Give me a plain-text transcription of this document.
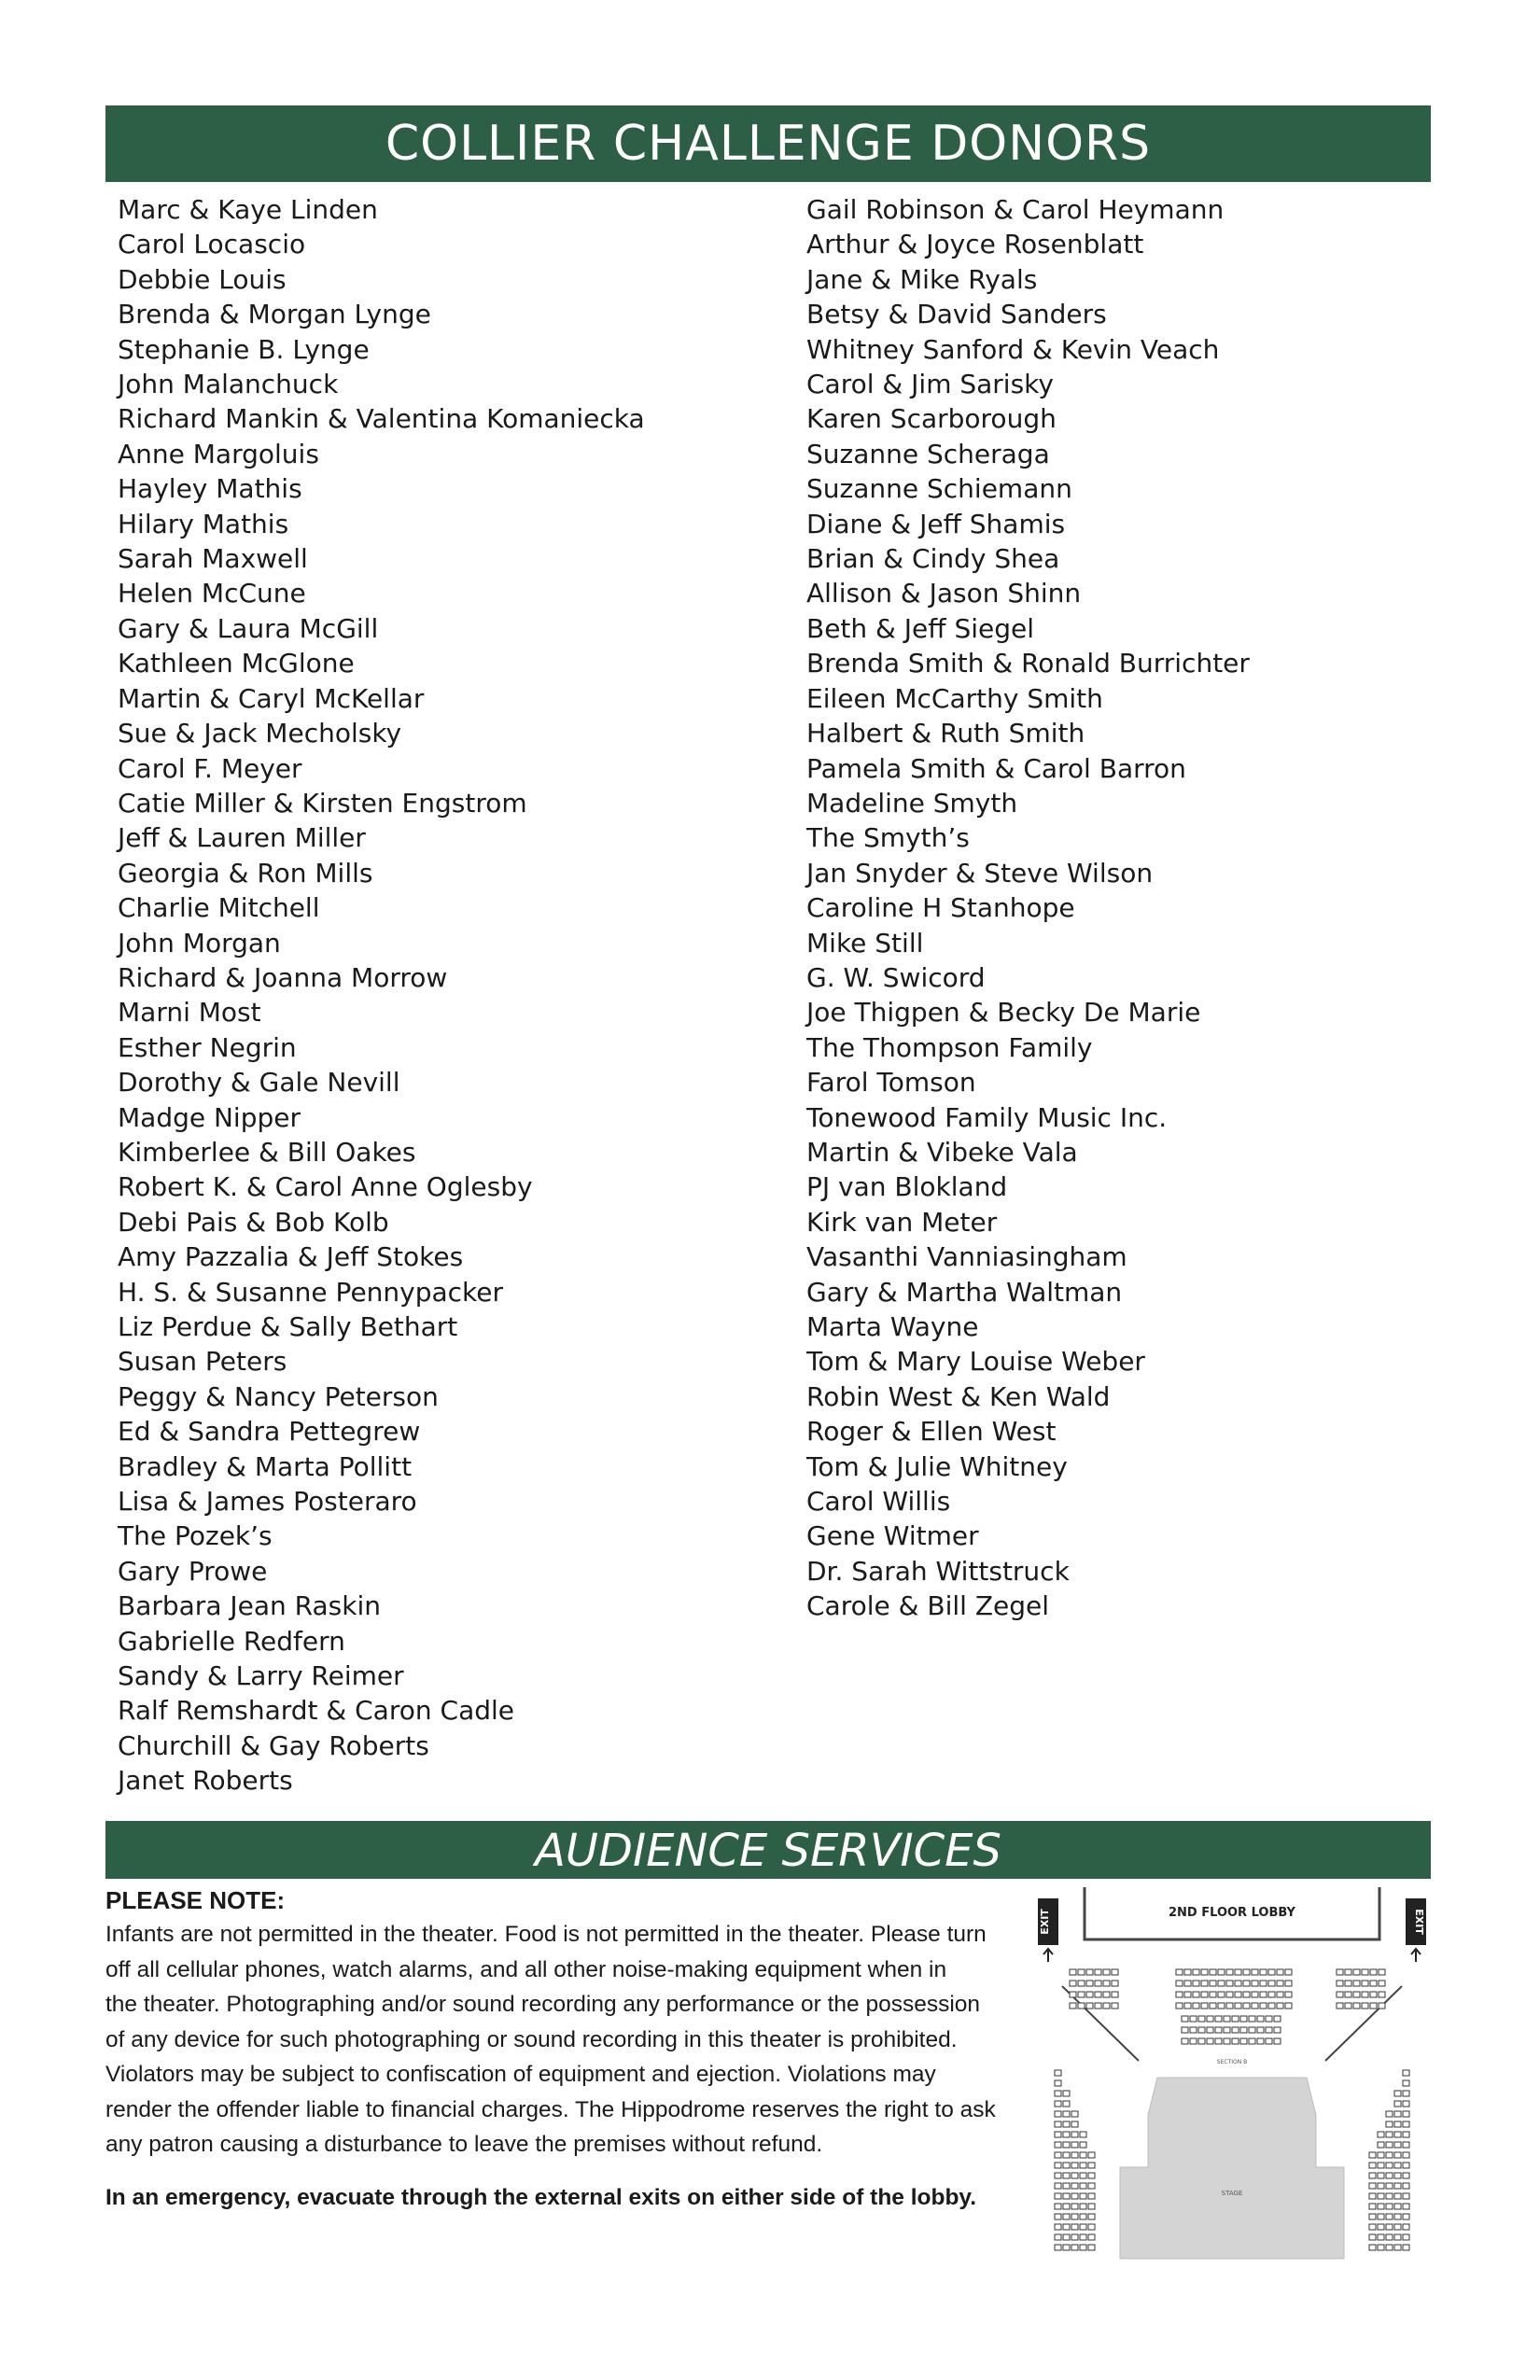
COLLIER CHALLENGE DONORS
Marc & Kaye Linden
Carol Locascio
Debbie Louis
Brenda & Morgan Lynge
Stephanie B. Lynge
John Malanchuck
Richard Mankin & Valentina Komaniecka
Anne Margoluis
Hayley Mathis
Hilary Mathis
Sarah Maxwell
Helen McCune
Gary & Laura McGill
Kathleen McGlone
Martin & Caryl McKellar
Sue & Jack Mecholsky
Carol F. Meyer
Catie Miller & Kirsten Engstrom
Jeff & Lauren Miller
Georgia & Ron Mills
Charlie Mitchell
John Morgan
Richard & Joanna Morrow
Marni Most
Esther Negrin
Dorothy & Gale Nevill
Madge Nipper
Kimberlee & Bill Oakes
Robert K. & Carol Anne Oglesby
Debi Pais & Bob Kolb
Amy Pazzalia & Jeff Stokes
H. S. & Susanne Pennypacker
Liz Perdue & Sally Bethart
Susan Peters
Peggy & Nancy Peterson
Ed & Sandra Pettegrew
Bradley & Marta Pollitt
Lisa & James Posteraro
The Pozek’s
Gary Prowe
Barbara Jean Raskin
Gabrielle Redfern
Sandy & Larry Reimer
Ralf Remshardt & Caron Cadle
Churchill & Gay Roberts
Janet Roberts
Gail Robinson & Carol Heymann
Arthur & Joyce Rosenblatt
Jane & Mike Ryals
Betsy & David Sanders
Whitney Sanford & Kevin Veach
Carol & Jim Sarisky
Karen Scarborough
Suzanne Scheraga
Suzanne Schiemann
Diane & Jeff Shamis
Brian & Cindy Shea
Allison & Jason Shinn
Beth & Jeff Siegel
Brenda Smith & Ronald Burrichter
Eileen McCarthy Smith
Halbert & Ruth Smith
Pamela Smith & Carol Barron
Madeline Smyth
The Smyth’s
Jan Snyder & Steve Wilson
Caroline H Stanhope
Mike Still
G. W. Swicord
Joe Thigpen & Becky De Marie
The Thompson Family
Farol Tomson
Tonewood Family Music Inc.
Martin & Vibeke Vala
PJ van Blokland
Kirk van Meter
Vasanthi Vanniasingham
Gary & Martha Waltman
Marta Wayne
Tom & Mary Louise Weber
Robin West & Ken Wald
Roger & Ellen West
Tom & Julie Whitney
Carol Willis
Gene Witmer
Dr. Sarah Wittstruck
Carole & Bill Zegel
AUDIENCE SERVICES
PLEASE NOTE:

Infants are not permitted in the theater. Food is not permitted in the theater. Please turn

off all cellular phones, watch alarms, and all other noise-making equipment when in

the theater. Photographing and/or sound recording any performance or the possession

of any device for such photographing or sound recording in this theater is prohibited.

Violators may be subject to confiscation of equipment and ejection. Violations may

render the offender liable to financial charges. The Hippodrome reserves the right to ask

any patron causing a disturbance to leave the premises without refund.

In an emergency, evacuate through the external exits on either side of the lobby.
2ND FLOOR LOBBY
EXIT	EXIT
STAGE
SECTION B
